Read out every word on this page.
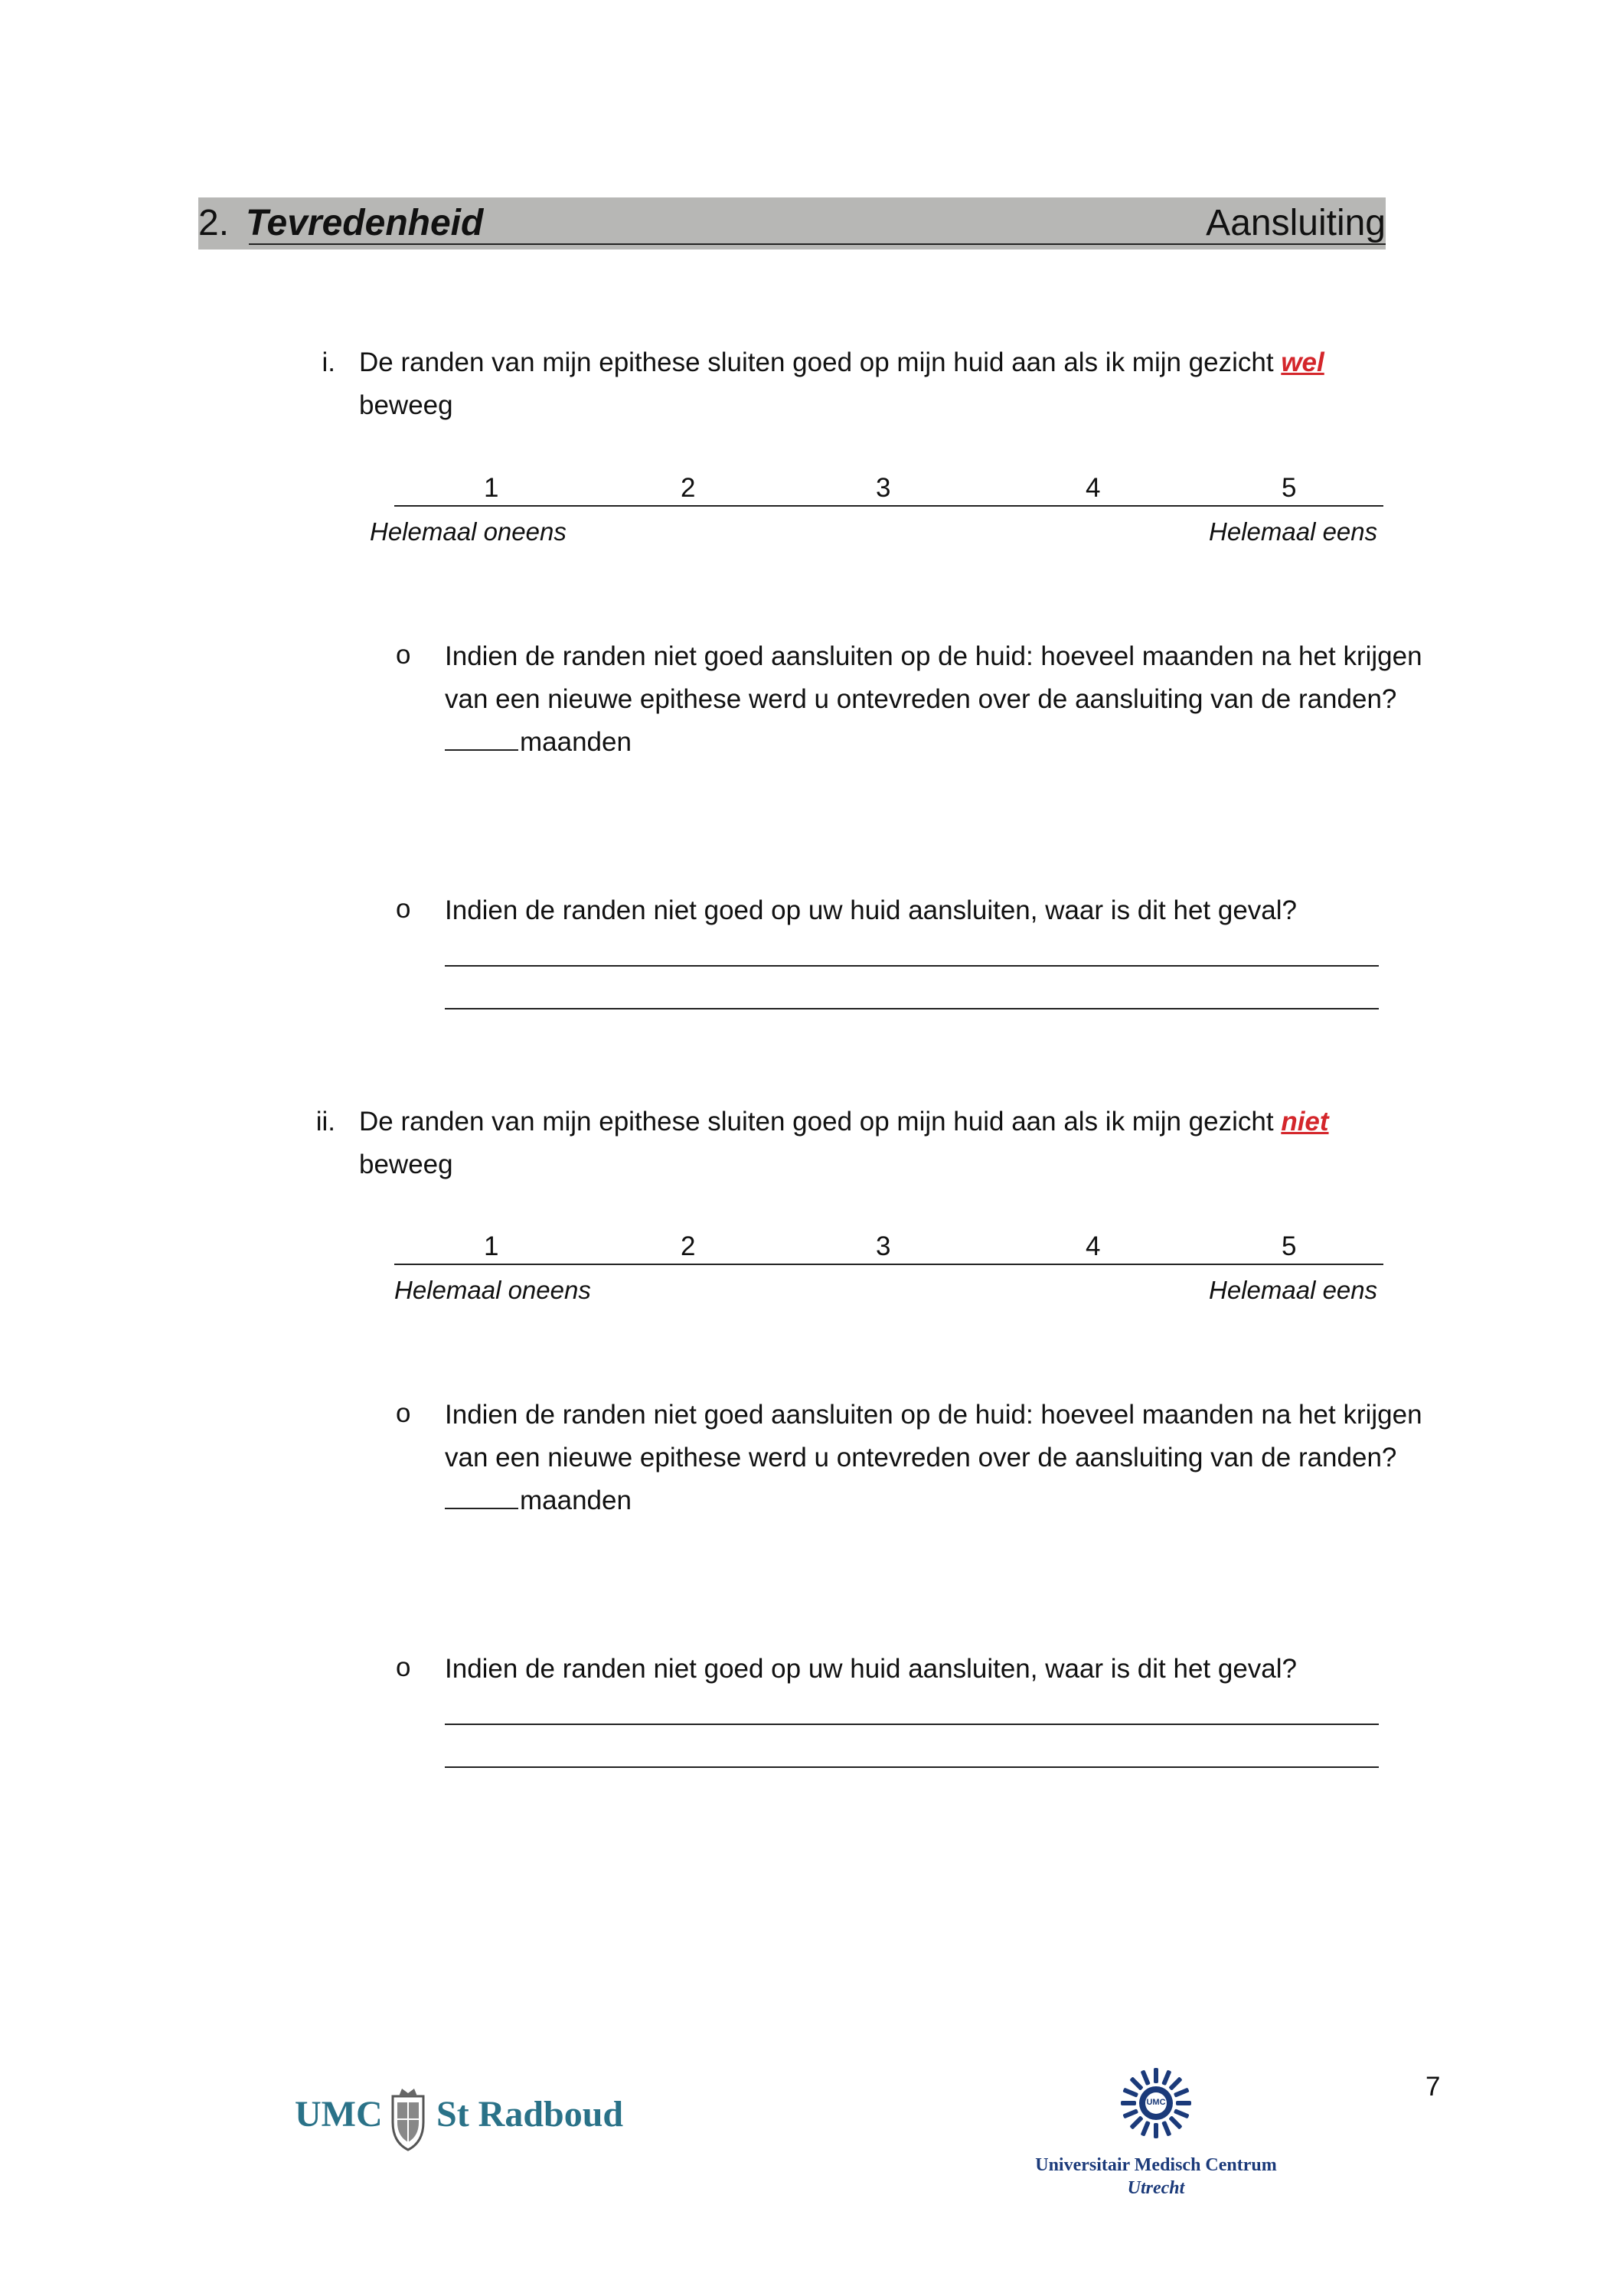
2. Tevredenheid	Aansluiting
i. De randen van mijn epithese sluiten goed op mijn huid aan als ik mijn gezicht wel
beweeg
1	2	3	4	5
Helemaal oneens	Helemaal eens
o Indien de randen niet goed aansluiten op de huid: hoeveel maanden na het krijgen van een nieuwe epithese werd u ontevreden over de aansluiting van de randen?
maanden
o Indien de randen niet goed op uw huid aansluiten, waar is dit het geval?
ii. De randen van mijn epithese sluiten goed op mijn huid aan als ik mijn gezicht niet
beweeg
1	2	3	4	5
Helemaal oneens	Helemaal eens
o Indien de randen niet goed aansluiten op de huid: hoeveel maanden na het krijgen van een nieuwe epithese werd u ontevreden over de aansluiting van de randen?
maanden
o Indien de randen niet goed op uw huid aansluiten, waar is dit het geval?
7
UMC St Radboud	UMC
Universitair Medisch Centrum
Utrecht
